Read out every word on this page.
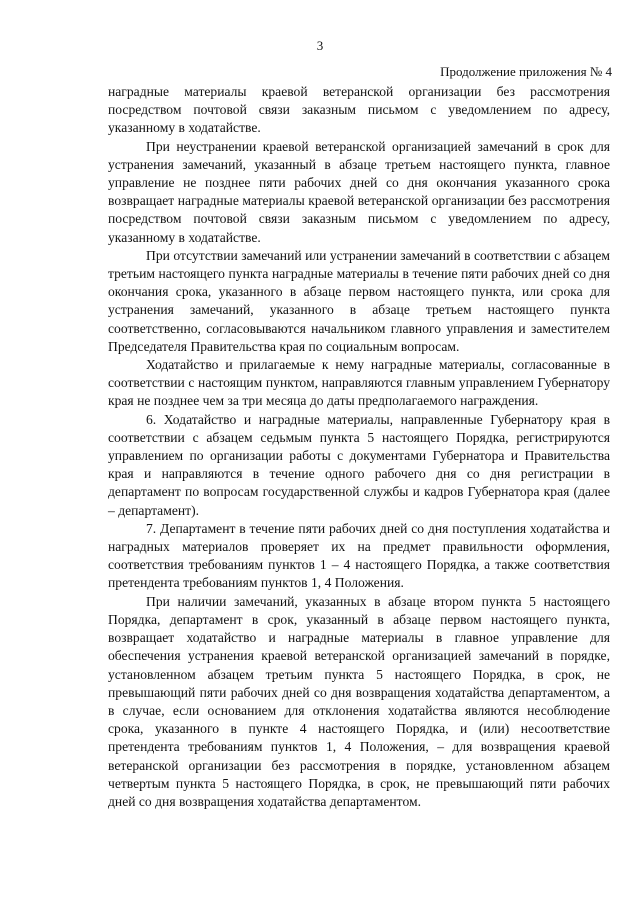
3
Продолжение приложения № 4

наградные материалы краевой ветеранской организации без рассмотрения посредством почтовой связи заказным письмом с уведомлением по адресу, указанному в ходатайстве.

При неустранении краевой ветеранской организацией замечаний в срок для устранения замечаний, указанный в абзаце третьем настоящего пункта, главное управление не позднее пяти рабочих дней со дня окончания указанного срока возвращает наградные материалы краевой ветеранской организации без рассмотрения посредством почтовой связи заказным письмом с уведомлением по адресу, указанному в ходатайстве.

При отсутствии замечаний или устранении замечаний в соответствии с абзацем третьим настоящего пункта наградные материалы в течение пяти рабочих дней со дня окончания срока, указанного в абзаце первом настоящего пункта, или срока для устранения замечаний, указанного в абзаце третьем настоящего пункта соответственно, согласовываются начальником главного управления и заместителем Председателя Правительства края по социальным вопросам.

Ходатайство и прилагаемые к нему наградные материалы, согласованные в соответствии с настоящим пунктом, направляются главным управлением Губернатору края не позднее чем за три месяца до даты предполагаемого награждения.

6. Ходатайство и наградные материалы, направленные Губернатору края в соответствии с абзацем седьмым пункта 5 настоящего Порядка, регистрируются управлением по организации работы с документами Губернатора и Правительства края и направляются в течение одного рабочего дня со дня регистрации в департамент по вопросам государственной службы и кадров Губернатора края (далее – департамент).

7. Департамент в течение пяти рабочих дней со дня поступления ходатайства и наградных материалов проверяет их на предмет правильности оформления, соответствия требованиям пунктов 1 – 4 настоящего Порядка, а также соответствия претендента требованиям пунктов 1, 4 Положения.

При наличии замечаний, указанных в абзаце втором пункта 5 настоящего Порядка, департамент в срок, указанный в абзаце первом настоящего пункта, возвращает ходатайство и наградные материалы в главное управление для обеспечения устранения краевой ветеранской организацией замечаний в порядке, установленном абзацем третьим пункта 5 настоящего Порядка, в срок, не превышающий пяти рабочих дней со дня возвращения ходатайства департаментом, а в случае, если основанием для отклонения ходатайства являются несоблюдение срока, указанного в пункте 4 настоящего Порядка, и (или) несоответствие претендента требованиям пунктов 1, 4 Положения, – для возвращения краевой ветеранской организации без рассмотрения в порядке, установленном абзацем четвертым пункта 5 настоящего Порядка, в срок, не превышающий пяти рабочих дней со дня возвращения ходатайства департаментом.
